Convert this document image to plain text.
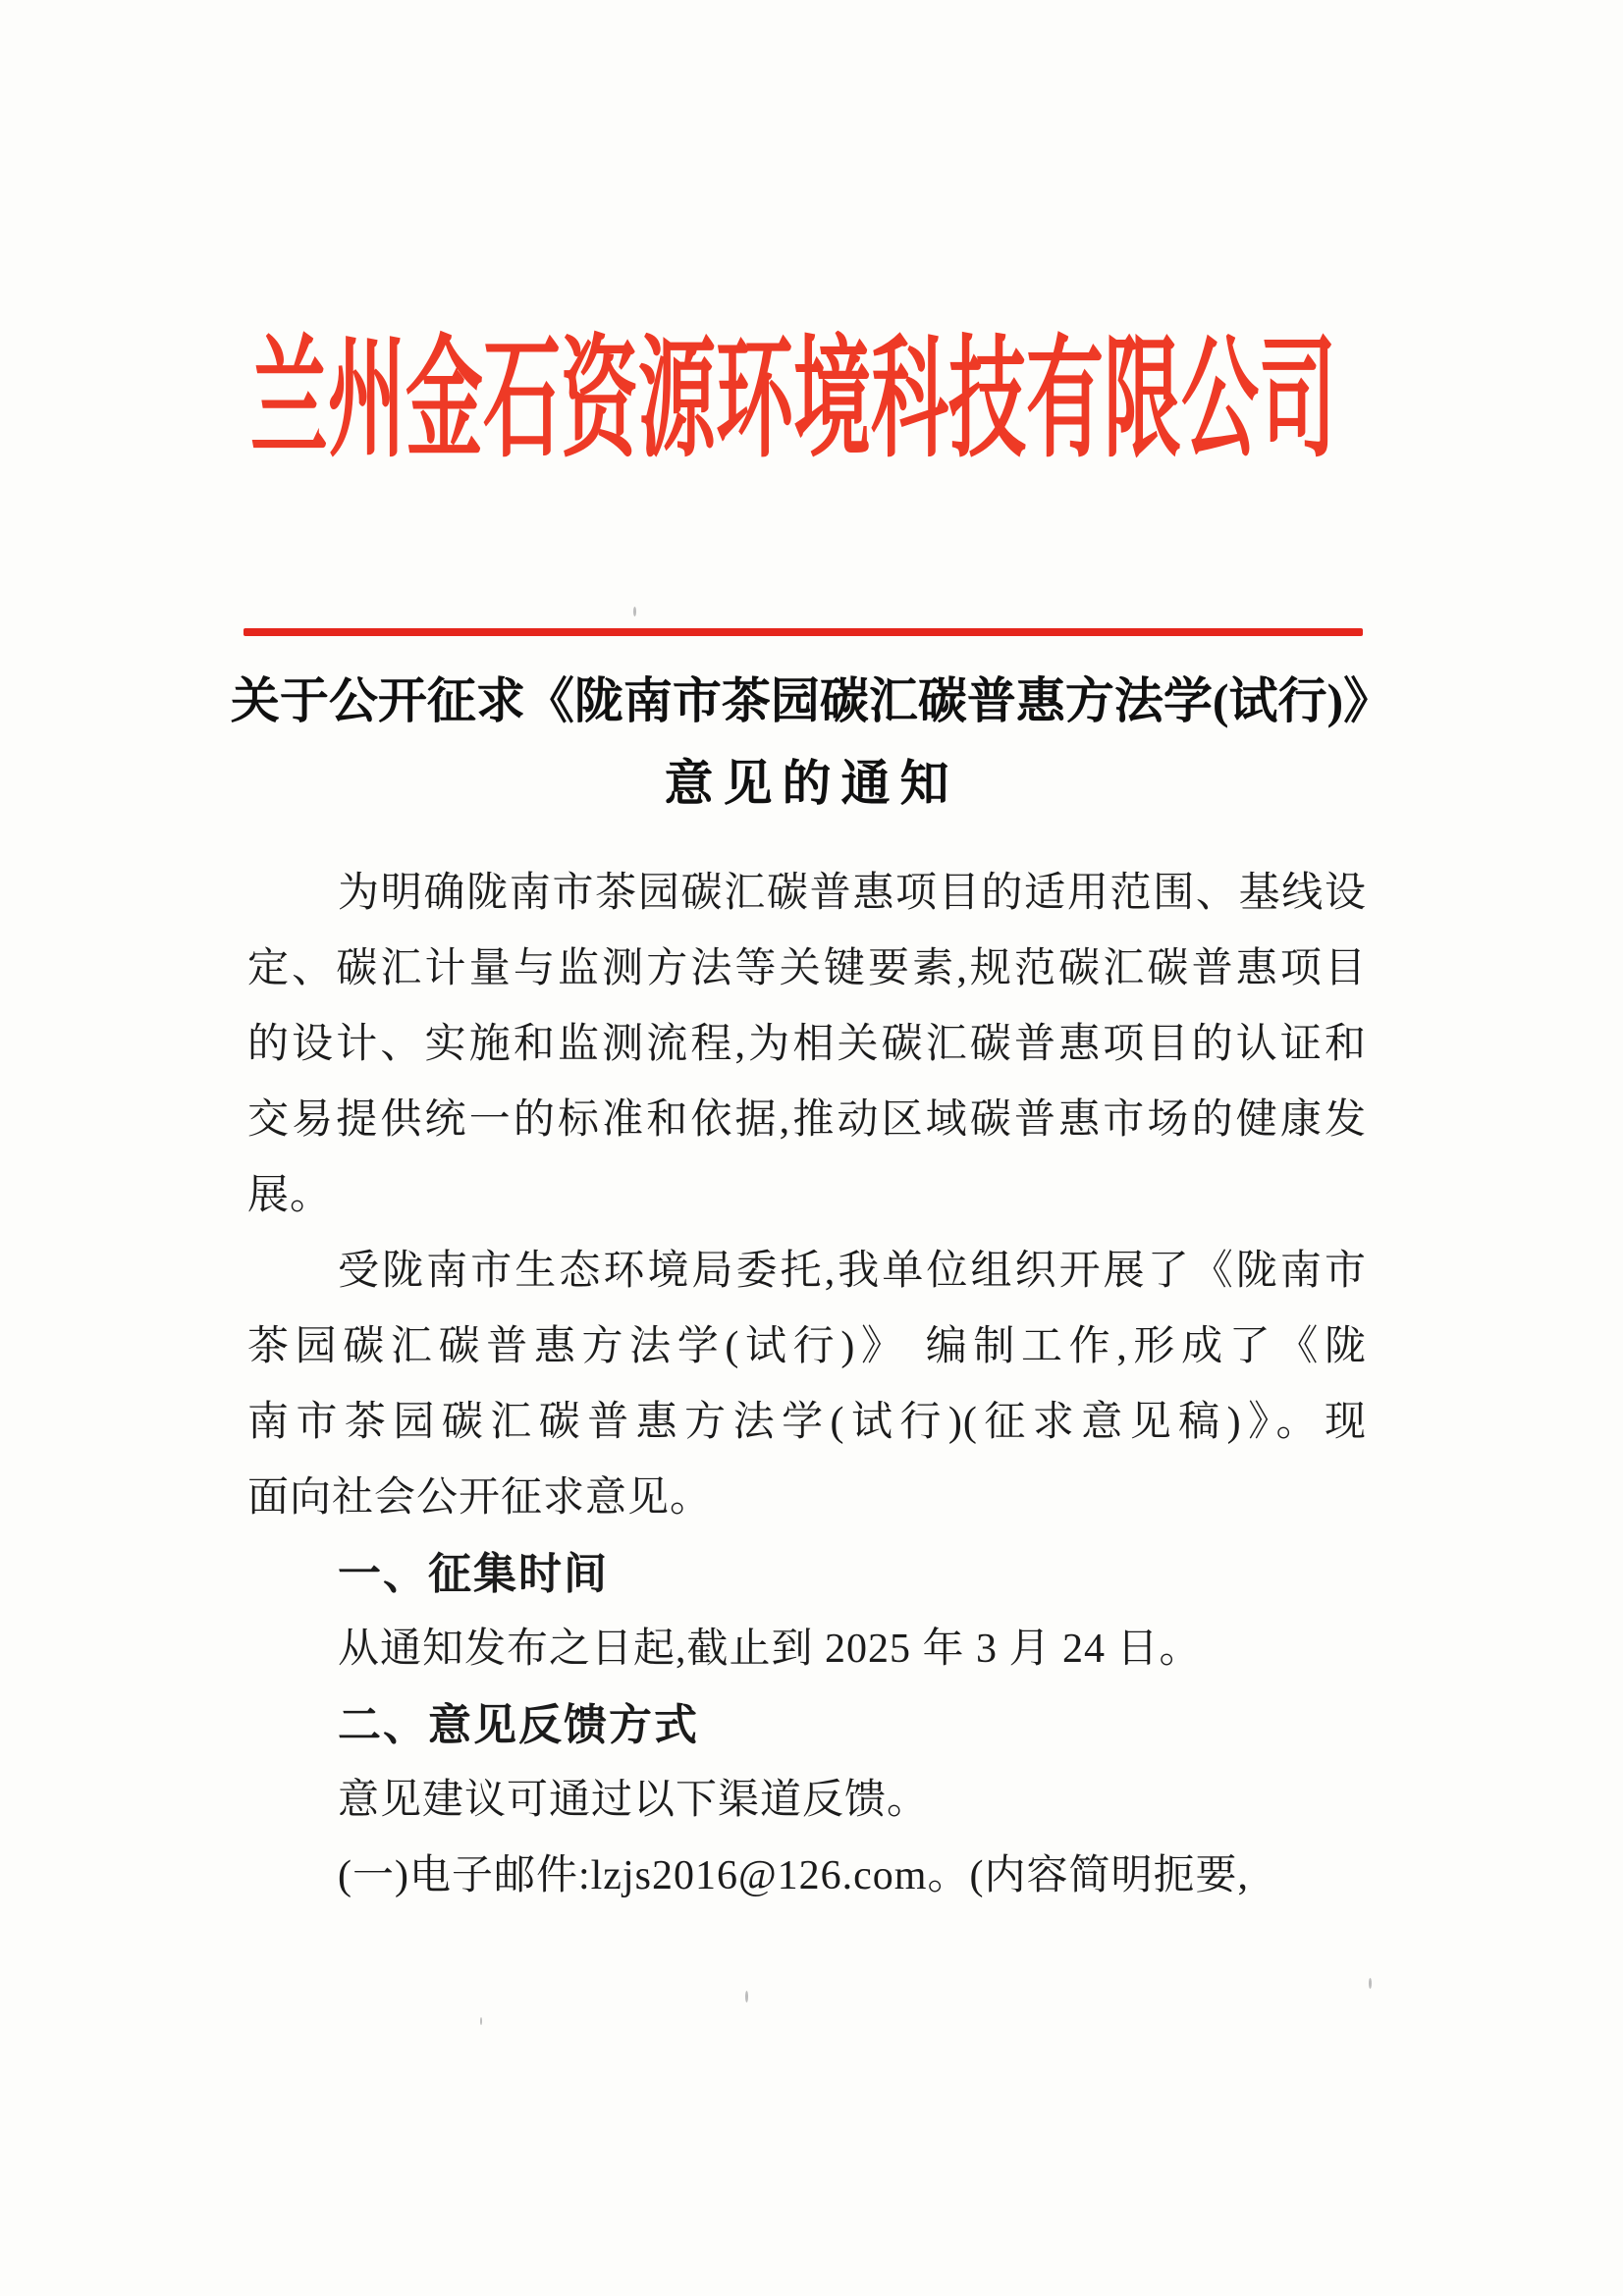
兰州金石资源环境科技有限公司
关于公开征求《陇南市茶园碳汇碳普惠方法学(试行)》
意见的通知
为明确陇南市茶园碳汇碳普惠项目的适用范围、基线设
定、碳汇计量与监测方法等关键要素,规范碳汇碳普惠项目
的设计、实施和监测流程,为相关碳汇碳普惠项目的认证和
交易提供统一的标准和依据,推动区域碳普惠市场的健康发
展。
受陇南市生态环境局委托,我单位组织开展了《陇南市
茶园碳汇碳普惠方法学(试行)》 编制工作,形成了《陇
南市茶园碳汇碳普惠方法学(试行)(征求意见稿)》。现
面向社会公开征求意见。
一、征集时间
从通知发布之日起,截止到 2025 年 3 月 24 日。
二、意见反馈方式
意见建议可通过以下渠道反馈。
(一)电子邮件:lzjs2016@126.com。(内容简明扼要,
